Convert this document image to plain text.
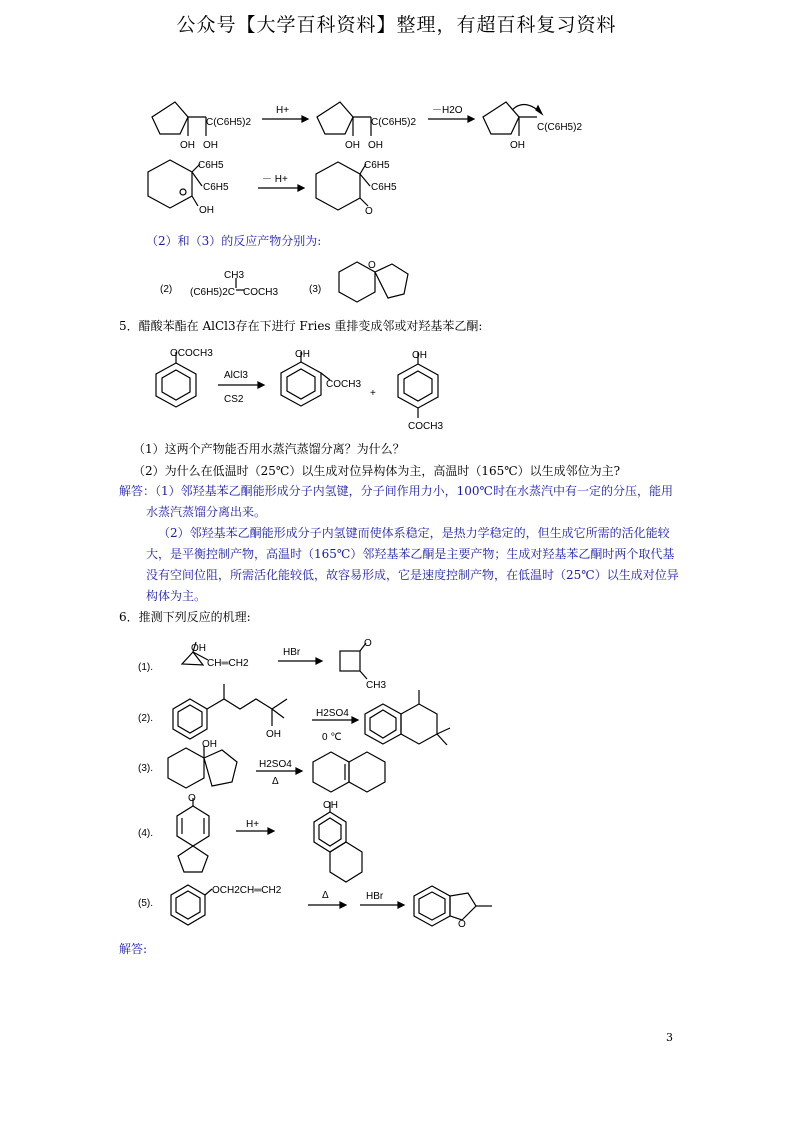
公众号【大学百科资料】整理，有超百科复习资料
C(C6H5)2
OH OH
H+
C(C6H5)2
OH OH
－H2O
C(C6H5)2
OH
C6H5
C6H5
OH
－ H+
C6H5
C6H5
O
(2) (C6H5)2C
CH3
COCH3	(3)
O
OCOCH3
AlCl3
CS2
OH
COCH3
+
OH
COCH3
(1).
OH
CH═CH2
HBr
O
CH3
(2).
OH
H2SO4
0 ℃
(3).
OH
H2SO4
Δ
(4).
O
H+
OH
(5).
OCH2CH═CH2	Δ	HBr
O
（2）和（3）的反应产物分别为:
5．醋酸苯酯在 AlCl3存在下进行 Fries 重排变成邻或对羟基苯乙酮:
（1）这两个产物能否用水蒸汽蒸馏分离？为什么？
（2）为什么在低温时（25℃）以生成对位异构体为主，高温时（165℃）以生成邻位为主?
解答：（1）邻羟基苯乙酮能形成分子内氢键，分子间作用力小，100℃时在水蒸汽中有一定的分压，能用
水蒸汽蒸馏分离出来。
（2）邻羟基苯乙酮能形成分子内氢键而使体系稳定，是热力学稳定的，但生成它所需的活化能较
大，是平衡控制产物，高温时（165℃）邻羟基苯乙酮是主要产物；生成对羟基苯乙酮时两个取代基
没有空间位阻，所需活化能较低，故容易形成，它是速度控制产物，在低温时（25℃）以生成对位异
构体为主。
6．推测下列反应的机理:
解答:
3
